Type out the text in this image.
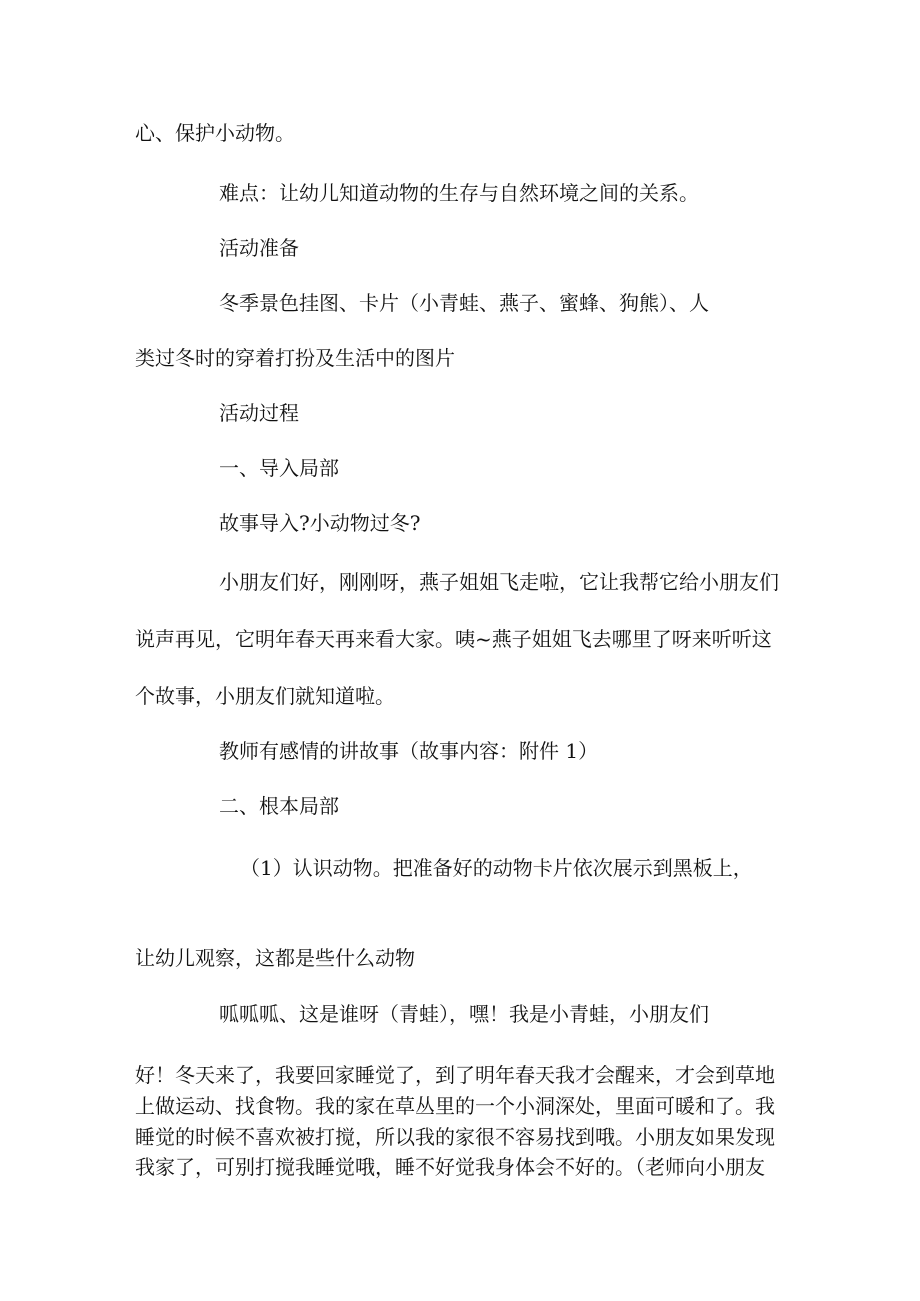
心、保护小动物。
难点：让幼儿知道动物的生存与自然环境之间的关系。
活动准备
冬季景色挂图、卡片（小青蛙、燕子、蜜蜂、狗熊）、人
类过冬时的穿着打扮及生活中的图片
活动过程
一、导入局部
故事导入?小动物过冬?
小朋友们好，刚刚呀，燕子姐姐飞走啦，它让我帮它给小朋友们
说声再见，它明年春天再来看大家。咦~燕子姐姐飞去哪里了呀来听听这
个故事，小朋友们就知道啦。
教师有感情的讲故事（故事内容：附件 1）
二、根本局部
（1）认识动物。把准备好的动物卡片依次展示到黑板上，
让幼儿观察，这都是些什么动物
呱呱呱、这是谁呀（青蛙），嘿！我是小青蛙，小朋友们
好！冬天来了，我要回家睡觉了，到了明年春天我才会醒来，才会到草地
上做运动、找食物。我的家在草丛里的一个小洞深处，里面可暖和了。我
睡觉的时候不喜欢被打搅，所以我的家很不容易找到哦。小朋友如果发现
我家了，可别打搅我睡觉哦，睡不好觉我身体会不好的。（老师向小朋友
